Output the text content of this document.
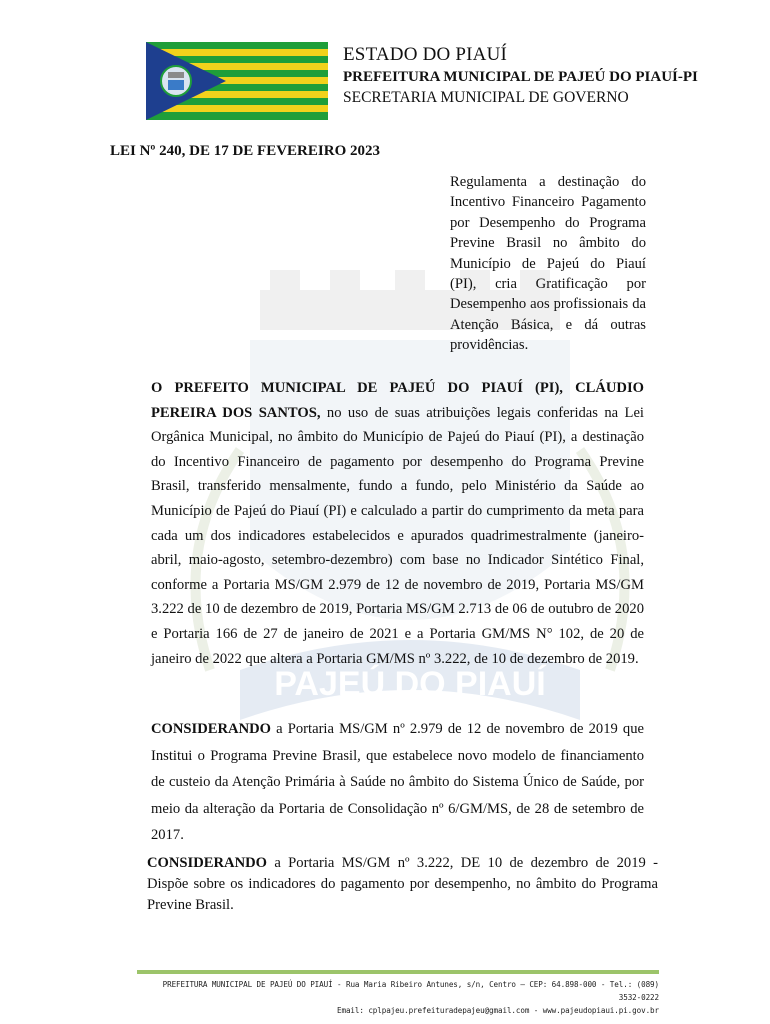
PAJEÚ DO PIAUÍ
ESTADO DO PIAUÍ
PREFEITURA MUNICIPAL DE PAJEÚ DO PIAUÍ-PI
SECRETARIA MUNICIPAL DE GOVERNO
LEI Nº 240, DE 17 DE FEVEREIRO 2023
Regulamenta a destinação do Incentivo Financeiro Pagamento por Desempenho do Programa Previne Brasil no âmbito do Município de Pajeú do Piauí (PI), cria Gratificação por Desempenho aos profissionais da Atenção Básica, e dá outras providências.
O PREFEITO MUNICIPAL DE PAJEÚ DO PIAUÍ (PI), CLÁUDIO PEREIRA DOS SANTOS, no uso de suas atribuições legais conferidas na Lei Orgânica Municipal, no âmbito do Município de Pajeú do Piauí (PI), a destinação do Incentivo Financeiro de pagamento por desempenho do Programa Previne Brasil, transferido mensalmente, fundo a fundo, pelo Ministério da Saúde ao Município de Pajeú do Piauí (PI) e calculado a partir do cumprimento da meta para cada um dos indicadores estabelecidos e apurados quadrimestralmente (janeiro-abril, maio-agosto, setembro-dezembro) com base no Indicador Sintético Final, conforme a Portaria MS/GM 2.979 de 12 de novembro de 2019, Portaria MS/GM 3.222 de 10 de dezembro de 2019, Portaria MS/GM 2.713 de 06 de outubro de 2020 e Portaria 166 de 27 de janeiro de 2021 e a Portaria GM/MS N° 102, de 20 de janeiro de 2022 que altera a Portaria GM/MS nº 3.222, de 10 de dezembro de 2019.
CONSIDERANDO a Portaria MS/GM nº 2.979 de 12 de novembro de 2019 que Institui o Programa Previne Brasil, que estabelece novo modelo de financiamento de custeio da Atenção Primária à Saúde no âmbito do Sistema Único de Saúde, por meio da alteração da Portaria de Consolidação nº 6/GM/MS, de 28 de setembro de 2017.
CONSIDERANDO a Portaria MS/GM nº 3.222, DE 10 de dezembro de 2019 - Dispõe sobre os indicadores do pagamento por desempenho, no âmbito do Programa Previne Brasil.
PREFEITURA MUNICIPAL DE PAJEÚ DO PIAUÍ - Rua Maria Ribeiro Antunes, s/n, Centro – CEP: 64.898-000 - Tel.: (089) 3532-0222
Email: cplpajeu.prefeituradepajeu@gmail.com - www.pajeudopiaui.pi.gov.br
